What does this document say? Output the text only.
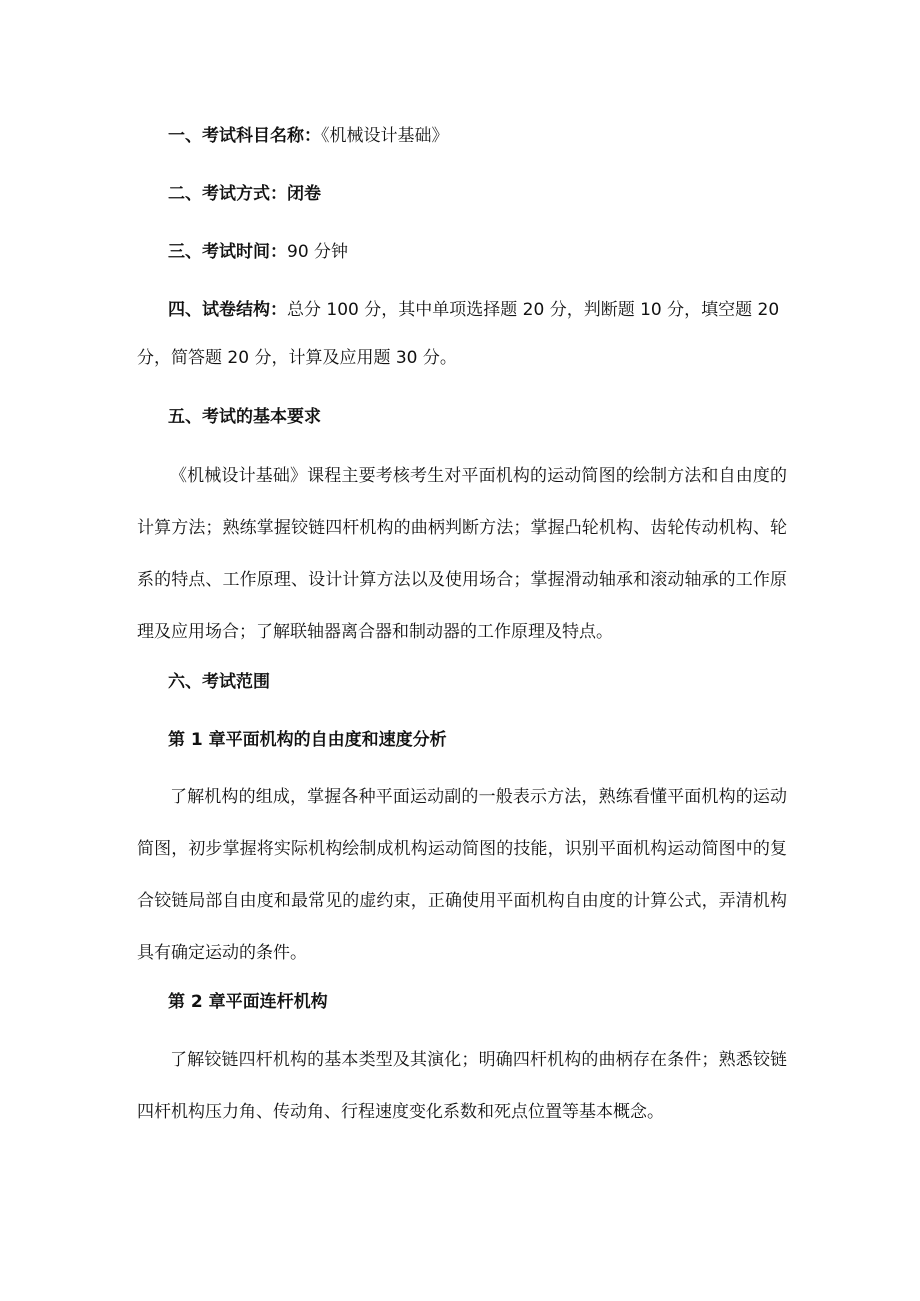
一、考试科目名称：《机械设计基础》
二、考试方式：闭卷
三、考试时间：90 分钟
四、试卷结构：总分 100 分，其中单项选择题 20 分，判断题 10 分，填空题 20
分，简答题 20 分，计算及应用题 30 分。
五、考试的基本要求

《机械设计基础》课程主要考核考生对平面机构的运动简图的绘制方法和自由度的计算方法；熟练掌握铰链四杆机构的曲柄判断方法；掌握凸轮机构、齿轮传动机构、轮系的特点、工作原理、设计计算方法以及使用场合；掌握滑动轴承和滚动轴承的工作原理及应用场合；了解联轴器离合器和制动器的工作原理及特点。

六、考试范围
第 1 章平面机构的自由度和速度分析

了解机构的组成，掌握各种平面运动副的一般表示方法，熟练看懂平面机构的运动简图，初步掌握将实际机构绘制成机构运动简图的技能，识别平面机构运动简图中的复合铰链局部自由度和最常见的虚约束，正确使用平面机构自由度的计算公式，弄清机构具有确定运动的条件。

第 2 章平面连杆机构

了解铰链四杆机构的基本类型及其演化；明确四杆机构的曲柄存在条件；熟悉铰链四杆机构压力角、传动角、行程速度变化系数和死点位置等基本概念。
